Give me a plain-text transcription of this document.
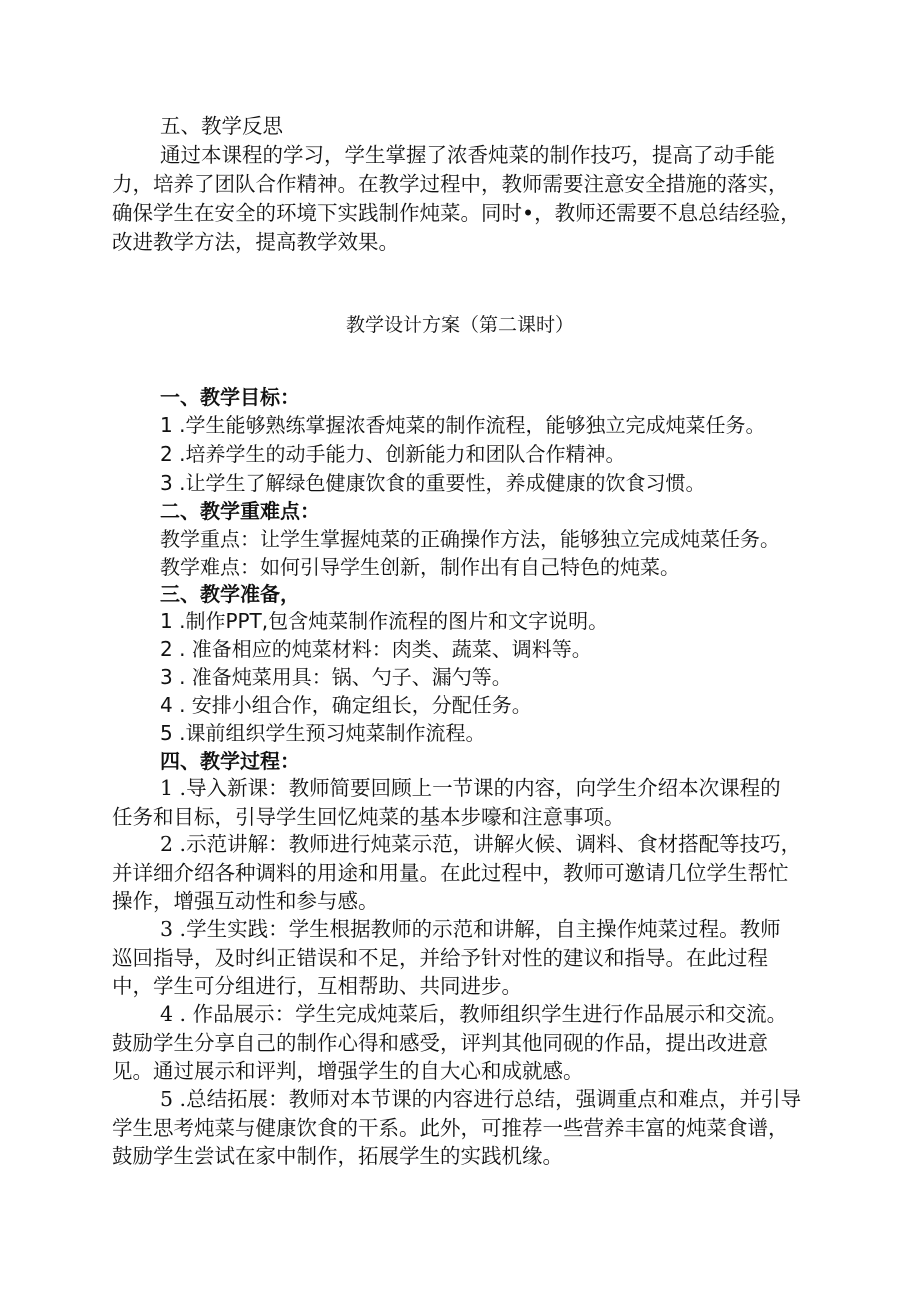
五、教学反思
通过本课程的学习，学生掌握了浓香炖菜的制作技巧，提高了动手能
力，培养了团队合作精神。在教学过程中，教师需要注意安全措施的落实，
确保学生在安全的环境下实践制作炖菜。同时•，教师还需要不息总结经验，
改进教学方法，提高教学效果。
教学设计方案（第二课时）
一、教学目标：
1 .学生能够熟练掌握浓香炖菜的制作流程，能够独立完成炖菜任务。
2 .培养学生的动手能力、创新能力和团队合作精神。
3 .让学生了解绿色健康饮食的重要性，养成健康的饮食习惯。
二、教学重难点：
教学重点：让学生掌握炖菜的正确操作方法，能够独立完成炖菜任务。
教学难点：如何引导学生创新，制作出有自己特色的炖菜。
三、教学准备，
1 .制作PPT,包含炖菜制作流程的图片和文字说明。
2 . 准备相应的炖菜材料：肉类、蔬菜、调料等。
3 . 准备炖菜用具：锅、勺子、漏勺等。
4 . 安排小组合作，确定组长，分配任务。
5 .课前组织学生预习炖菜制作流程。
四、教学过程：
1 .导入新课：教师简要回顾上一节课的内容，向学生介绍本次课程的
任务和目标，引导学生回忆炖菜的基本步嚎和注意事项。
2 .示范讲解：教师进行炖菜示范，讲解火候、调料、食材搭配等技巧，
并详细介绍各种调料的用途和用量。在此过程中，教师可邀请几位学生帮忙
操作，增强互动性和参与感。
3 .学生实践：学生根据教师的示范和讲解，自主操作炖菜过程。教师
巡回指导，及时纠正错误和不足，并给予针对性的建议和指导。在此过程
中，学生可分组进行，互相帮助、共同进步。
4 . 作品展示：学生完成炖菜后，教师组织学生进行作品展示和交流。
鼓励学生分享自己的制作心得和感受，评判其他同砚的作品，提出改进意
见。通过展示和评判，增强学生的自大心和成就感。
5 .总结拓展：教师对本节课的内容进行总结，强调重点和难点，并引导
学生思考炖菜与健康饮食的干系。此外，可推荐一些营养丰富的炖菜食谱，
鼓励学生尝试在家中制作，拓展学生的实践机缘。
